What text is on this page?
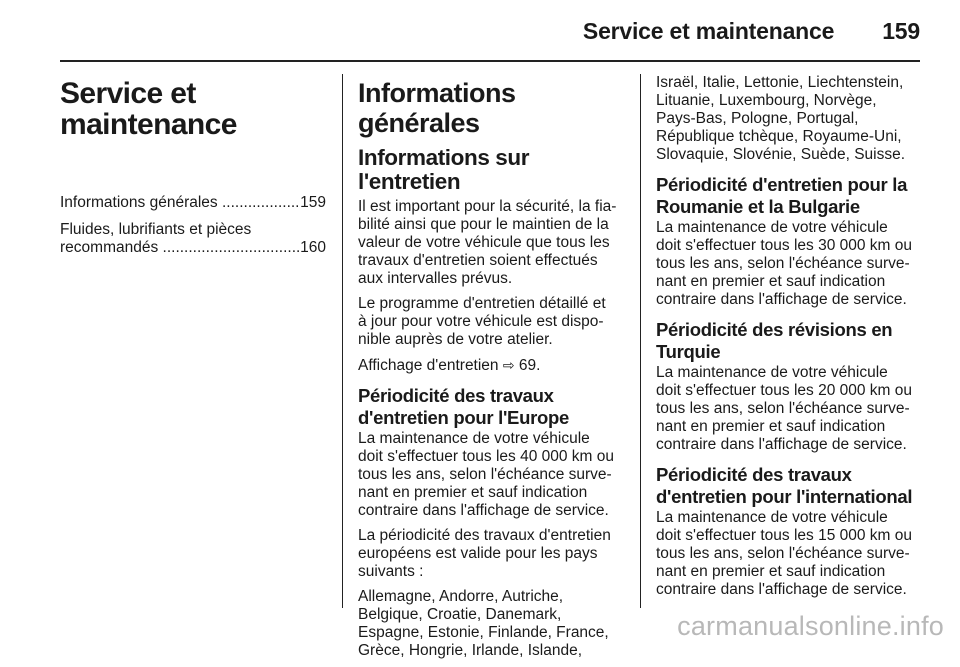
Service et maintenance 159
Service et
maintenance
Informations générales .....	159
Fluides, lubrifiants et pièces
recommandés .....	160
Informations générales
Informations sur l'entretien
Il est important pour la sécurité, la fia-
bilité ainsi que pour le maintien de la
valeur de votre véhicule que tous les
travaux d'entretien soient effectués
aux intervalles prévus.
Le programme d'entretien détaillé et
à jour pour votre véhicule est dispo-
nible auprès de votre atelier.
Affichage d'entretien ⇨ 69.
Périodicité des travaux
d'entretien pour l'Europe
La maintenance de votre véhicule
doit s'effectuer tous les 40 000 km ou
tous les ans, selon l'échéance surve-
nant en premier et sauf indication
contraire dans l'affichage de service.
La périodicité des travaux d'entretien
européens est valide pour les pays
suivants :
Allemagne, Andorre, Autriche,
Belgique, Croatie, Danemark,
Espagne, Estonie, Finlande, France,
Grèce, Hongrie, Irlande, Islande,
Israël, Italie, Lettonie, Liechtenstein,
Lituanie, Luxembourg, Norvège,
Pays-Bas, Pologne, Portugal,
République tchèque, Royaume-Uni,
Slovaquie, Slovénie, Suède, Suisse.
Périodicité d'entretien pour la
Roumanie et la Bulgarie
La maintenance de votre véhicule
doit s'effectuer tous les 30 000 km ou
tous les ans, selon l'échéance surve-
nant en premier et sauf indication
contraire dans l'affichage de service.
Périodicité des révisions en
Turquie
La maintenance de votre véhicule
doit s'effectuer tous les 20 000 km ou
tous les ans, selon l'échéance surve-
nant en premier et sauf indication
contraire dans l'affichage de service.
Périodicité des travaux
d'entretien pour l'international
La maintenance de votre véhicule
doit s'effectuer tous les 15 000 km ou
tous les ans, selon l'échéance surve-
nant en premier et sauf indication
contraire dans l'affichage de service.
carmanualsonline.info
